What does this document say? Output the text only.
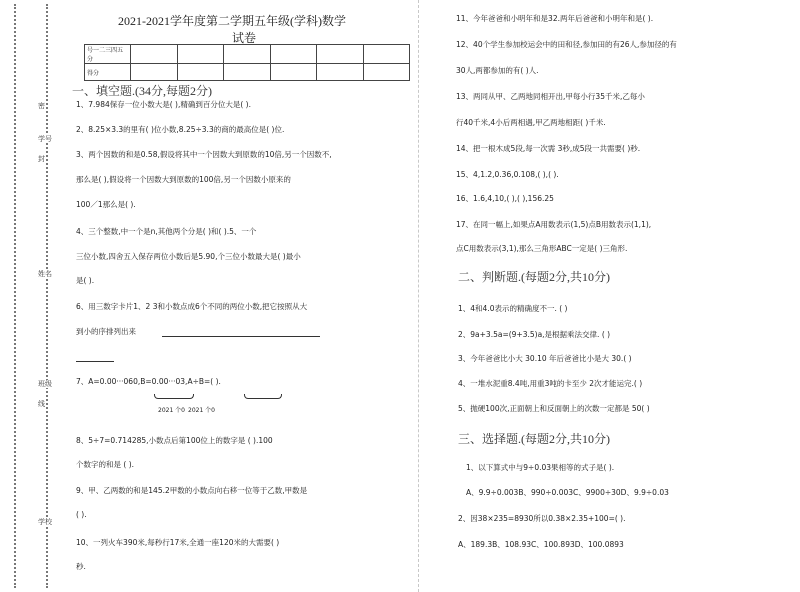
密
学号
封
姓名
班级
线
学校
2021-2021学年度第二学期五年级(学科)数学
试卷
号一二三四五分						
得分						
一、填空题.(34分,每题2分)
1、7.984保存一位小数大是( ),精确到百分位大是( ).
2、8.25×3.3的里有( )位小数,8.25÷3.3的商的最高位是( )位.
3、两个因数的和是0.58,假设将其中一个因数大到原数的10倍,另一个因数不,
那么是( ),假设将一个因数大到原数的100倍,另一个因数小原来的
100／1那么是( ).
4、三个整数,中一个是n,其他两个分是( )和( ).5、一个
三位小数,四舍五入保存两位小数后是5.90,个三位小数最大是( )最小
是( ).
6、用三数字卡片1、2 3和小数点成6个不同的两位小数,把它按照从大
到小的序排列出来
7、A=0.00···060,B=0.00···03,A÷B=( ).
2021 个0 2021 个0
8、5÷7=0.714285,小数点后第100位上的数字是 ( ).100
个数字的和是 ( ).
9、甲、乙两数的和是145.2甲数的小数点向右移一位等于乙数,甲数是
( ).
10、一列火车390米,每秒行17米,全通一座120米的大需要( )
秒.
11、今年爸爸和小明年和是32.两年后爸爸和小明年和是( ).
12、40个学生参加校运会中的田和径,参加田的有26人,参加径的有
30人,两都参加的有( )人.
13、两同从甲、乙两地同相开出,甲每小行35千米,乙每小
行40千米,4小后两相遇,甲乙两地相距( )千米.
14、把一根木成5段,每一次需 3秒,成5段一共需要( )秒.
15、4,1.2,0.36,0.108,( ),( ).
16、1.6,4,10,( ),( ),156.25
17、在同一幅上,如果点A用数表示(1,5)点B用数表示(1,1),
点C用数表示(3,1),那么三角形ABC一定是( )三角形.
二、判断题.(每题2分,共10分)
1、4和4.0表示的精确度不一. ( )
2、9a+3.5a=(9+3.5)a,是根据乘法交律. ( )
3、今年爸爸比小大 30.10 年后爸爸比小是大 30.( )
4、一堆水泥重8.4吨,用重3吨的卡至少 2次才能运完.( )
5、抛硬100次,正面朝上和反面朝上的次数一定都是 50( )
三、选择题.(每题2分,共10分)
1、以下算式中与9÷0.03果相等的式子是( ).
A、9.9÷0.003B、990÷0.003C、9900÷30D、9.9÷0.03
2、因38×235=8930所以0.38×2.35+100=( ).
A、189.3B、108.93C、100.893D、100.0893
